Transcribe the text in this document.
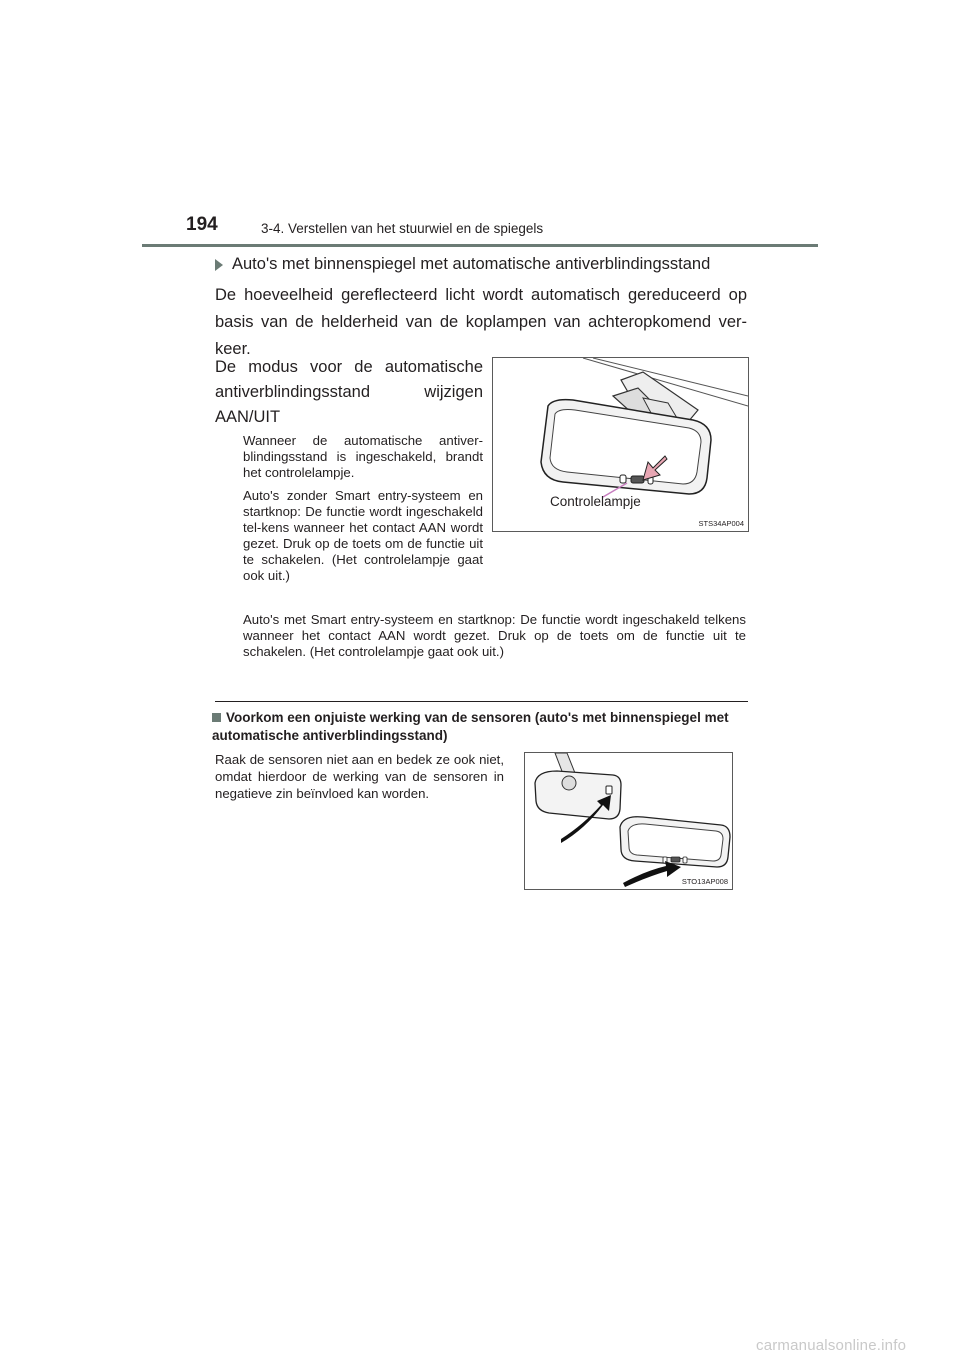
194	3-4. Verstellen van het stuurwiel en de spiegels
Auto's met binnenspiegel met automatische antiverblindingsstand
De hoeveelheid gereflecteerd licht wordt automatisch gereduceerd op basis van de helderheid van de koplampen van achteropkomend ver-keer.
De modus voor de automatische antiverblindingsstand wijzigen AAN/UIT
Wanneer de automatische antiver-blindingsstand is ingeschakeld, brandt het controlelampje.
Auto's zonder Smart entry-systeem en startknop: De functie wordt ingeschakeld tel-kens wanneer het contact AAN wordt gezet. Druk op de toets om de functie uit te schakelen. (Het controlelampje gaat ook uit.)
Auto's met Smart entry-systeem en startknop: De functie wordt ingeschakeld telkens wanneer het contact AAN wordt gezet. Druk op de toets om de functie uit te schakelen. (Het controlelampje gaat ook uit.)
Controlelampje
STS34AP004
Voorkom een onjuiste werking van de sensoren (auto's met binnenspiegel met automatische antiverblindingsstand)
Raak de sensoren niet aan en bedek ze ook niet, omdat hierdoor de werking van de sensoren in negatieve zin beïnvloed kan worden.
STO13AP008
carmanualsonline.info
